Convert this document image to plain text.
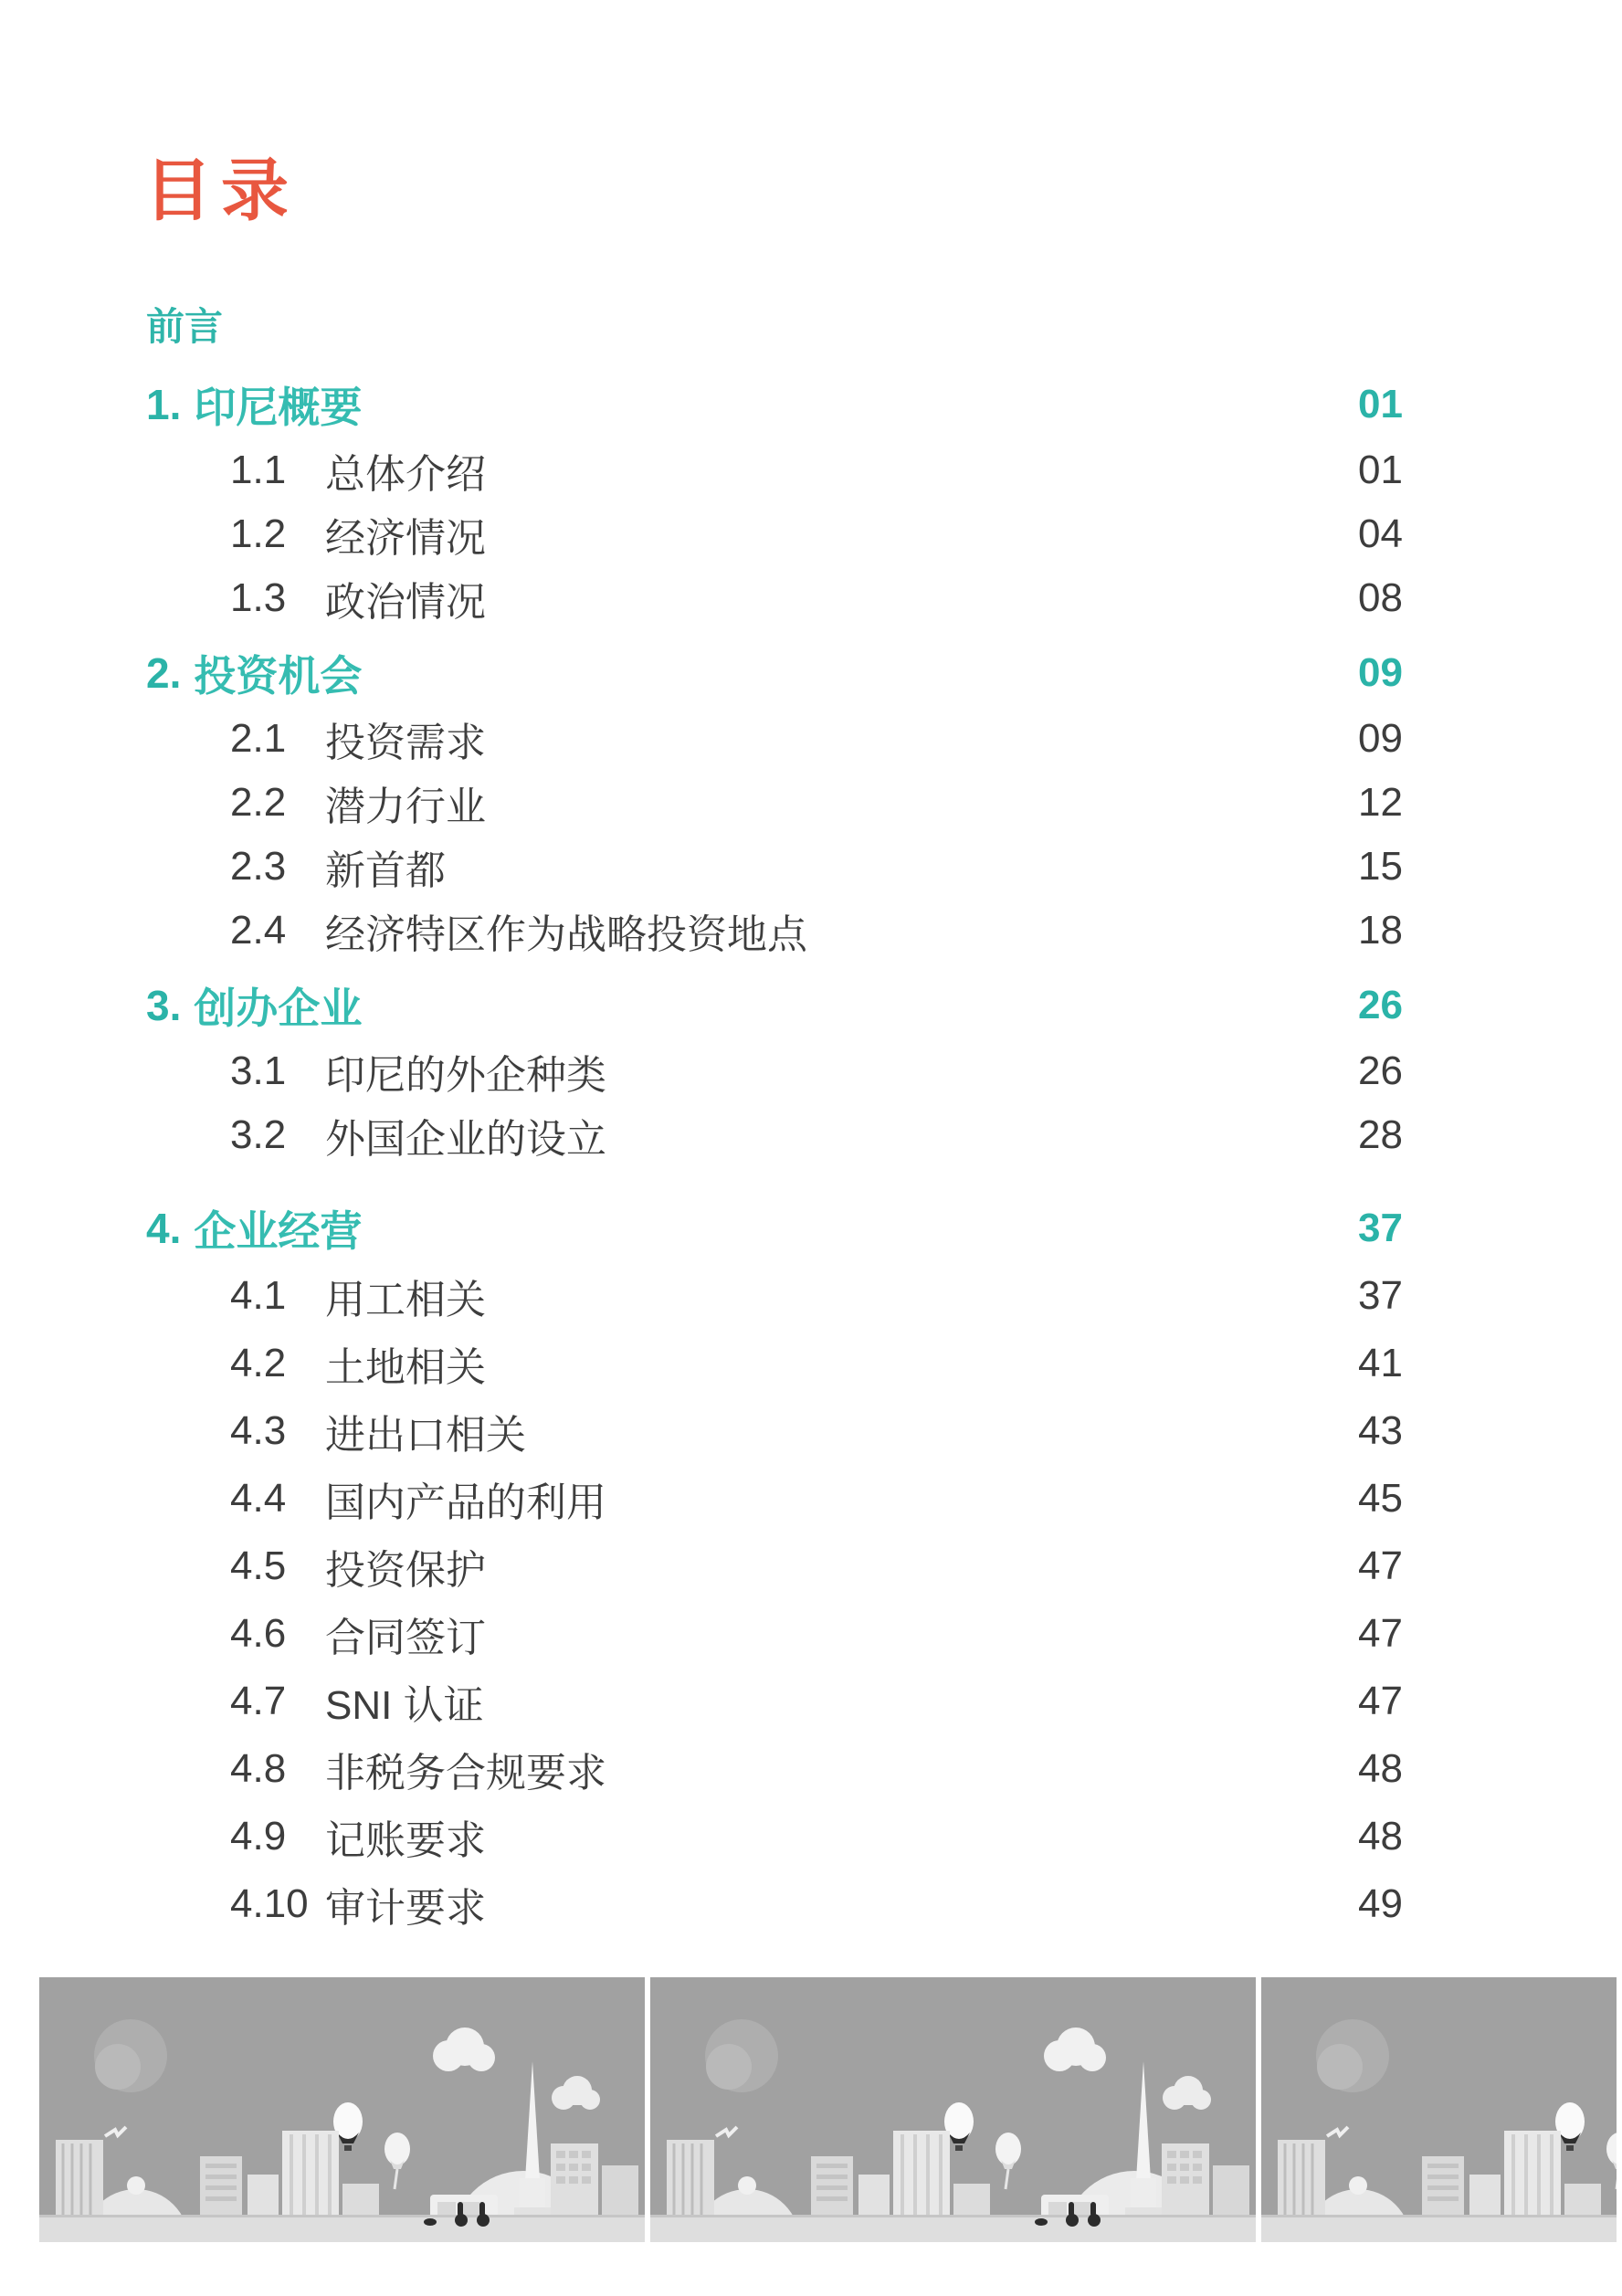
目录
前言
1. 印尼概要	01
1.1 总体介绍	01
1.2 经济情况	04
1.3 政治情况	08
2. 投资机会	09
2.1 投资需求	09
2.2 潜力行业	12
2.3 新首都	15
2.4 经济特区作为战略投资地点	18
3. 创办企业	26
3.1 印尼的外企种类	26
3.2 外国企业的设立	28
4. 企业经营	37
4.1 用工相关	37
4.2 土地相关	41
4.3 进出口相关	43
4.4 国内产品的利用	45
4.5 投资保护	47
4.6 合同签订	47
4.7 SNI 认证	47
4.8 非税务合规要求	48
4.9 记账要求	48
4.10 审计要求	49
